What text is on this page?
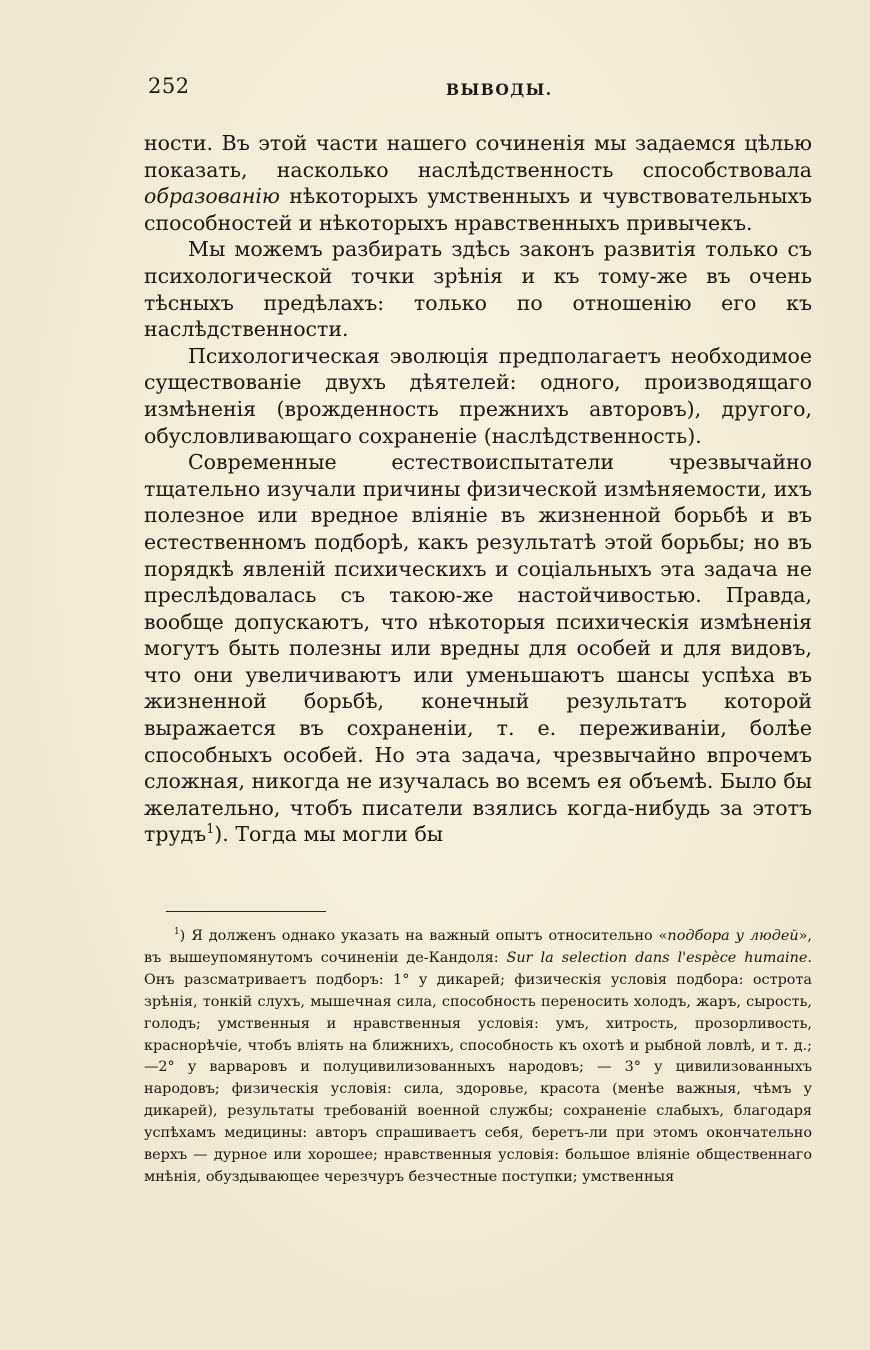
252	ВЫВОДЫ.

ности. Въ этой части нашего сочиненія мы задаемся цѣлью показать, насколько наслѣдственность способствовала образованію нѣкоторыхъ умственныхъ и чувствовательныхъ способностей и нѣкоторыхъ нравственныхъ привычекъ.

Мы можемъ разбирать здѣсь законъ развитія только съ психологической точки зрѣнія и къ тому-же въ очень тѣсныхъ предѣлахъ: только по отношенію его къ наслѣдственности.

Психологическая эволюція предполагаетъ необходимое существованіе двухъ дѣятелей: одного, производящаго измѣненія (врожденность прежнихъ авторовъ), другого, обусловливающаго сохраненіе (наслѣдственность).

Современные естествоиспытатели чрезвычайно тщательно изучали причины физической измѣняемости, ихъ полезное или вредное вліяніе въ жизненной борьбѣ и въ естественномъ подборѣ, какъ результатѣ этой борьбы; но въ порядкѣ явленій психическихъ и соціальныхъ эта задача не преслѣдовалась съ такою-же настойчивостью. Правда, вообще допускаютъ, что нѣкоторыя психическія измѣненія могутъ быть полезны или вредны для особей и для видовъ, что они увеличиваютъ или уменьшаютъ шансы успѣха въ жизненной борьбѣ, конечный результатъ которой выражается въ сохраненіи, т. е. переживаніи, болѣе способныхъ особей. Но эта задача, чрезвычайно впрочемъ сложная, никогда не изучалась во всемъ ея объемѣ. Было бы желательно, чтобъ писатели взялись когда-нибудь за этотъ трудъ$^1$). Тогда мы могли бы

$^1$) Я долженъ однако указать на важный опытъ относительно «подбора у людей», въ вышеупомянутомъ сочиненіи де-Кандоля: Sur la selection dans l'espèce humaine. Онъ разсматриваетъ подборъ: 1° у дикарей; физическія условія подбора: острота зрѣнія, тонкій слухъ, мышечная сила, способность переносить холодъ, жаръ, сырость, голодъ; умственныя и нравственныя условія: умъ, хитрость, прозорливость, краснорѣчіе, чтобъ вліять на ближнихъ, способность къ охотѣ и рыбной ловлѣ, и т. д.;—2° у варваровъ и полуцивилизованныхъ народовъ; — 3° у цивилизованныхъ народовъ; физическія условія: сила, здоровье, красота (менѣе важныя, чѣмъ у дикарей), результаты требованій военной службы; сохраненіе слабыхъ, благодаря успѣхамъ медицины: авторъ спрашиваетъ себя, беретъ-ли при этомъ окончательно верхъ — дурное или хорошее; нравственныя условія: большое вліяніе общественнаго мнѣнія, обуздывающее черезчуръ безчестные поступки; умственныя
